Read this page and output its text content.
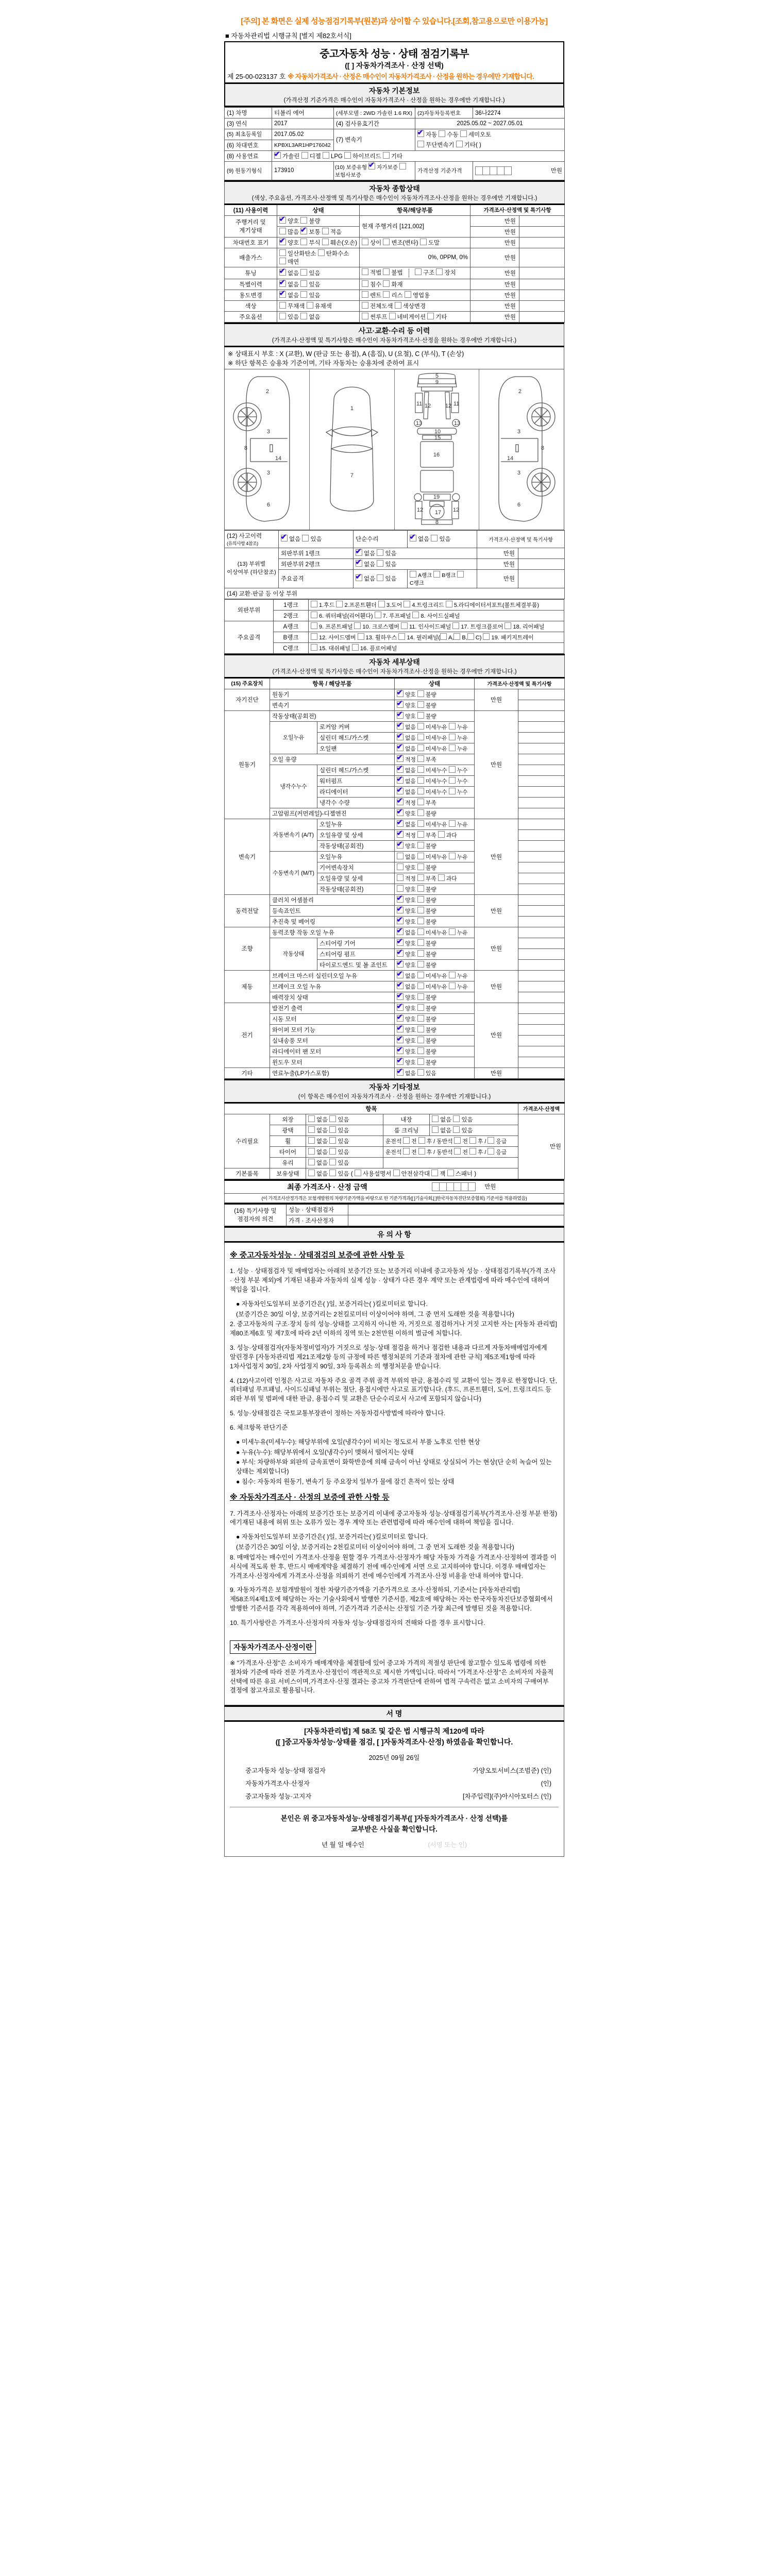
[주의] 본 화면은 실제 성능점검기록부(원본)과 상이할 수 있습니다.[조회,참고용으로만 이용가능]
■ 자동차관리법 시행규칙 [별지 제82호서식]
중고자동차 성능 · 상태 점검기록부
([ ] 자동차가격조사 · 산정 선택)

제 25-00-023137 호 ※ 자동차가격조사 · 산정은 매수인이 자동차가격조사 · 산정을 원하는 경우에만 기재합니다.
자동차 기본정보
(가격산정 기준가격은 매수인이 자동차가격조사 · 산정을 원하는 경우에만 기재합니다.)
(1) 차명	티볼리 에어	(세부모델 : 2WD 가솔린 1.6 RX)	(2)자동차등록번호	36나2274
(3) 연식	2017	(4) 검사유효기간	2025.05.02 ~ 2027.05.01	
(5) 최초등록일	2017.05.02	(7) 변속기	✔자동 수동 세미오토
(6) 차대번호	KPBXL3AR1HP176042		무단변속기 기타( )	
(8) 사용연료	✔가솔린 디젤 LPG 하이브리드 기타
(9) 원동기형식	173910	(10) 보증유형 ✔ 자가보증 보험사보증	가격산정 기준가격	만원
자동차 종합상태
(색상, 주요옵션, 가격조사·산정액 및 특기사항은 매수인이 자동차가격조사·산정을 원하는 경우에만 기재합니다.)				

(11) 사용이력	상태	항목/해당부품	가격조사·산정액 및 특기사항	
주행거리 및 계기상태	✔양호 불량	현재 주행거리 [121,002]	만원	
	많음 ✔보통 적음		만원	
차대번호 표기	✔양호 부식 훼손(오손)	상이 변조(변타) 도말	만원	
배출가스	일산화탄소 탄화수소 매연	0%, 0PPM, 0%	만원	
튜닝	✔없음 있음	적법 불법 구조 장치	만원	
특별이력	✔없음 있음	침수 화재	만원	
용도변경	✔없음 있음	렌트 리스 영업용	만원	
색상	무채색 유채색	전체도색 색상변경	만원	
주요옵션	있음 없음	썬루프 네비게이션 기타	만원	
사고·교환·수리 등 이력
(가격조사·산정액 및 특기사항은 매수인이 자동차가격조사·산정을 원하는 경우에만 기재합니다.)

※ 상태표시 부호 : X (교환), W (판금 또는 용접), A (흠집), U (요철), C (부식), T (손상)
※ 하단 항목은 승용차 기준이며, 기타 자동차는 승용차에 준하여 표시

2
8
3
14
3
6
1
7
5
9
11	11
12	12
13	13
10
15
16
19
17
12	12
8
2
8
3
14
3
6
(12) 사고이력
(유의사항 4참조)	✔없음 있음	단순수리	✔없음 있음	가격조사·산정액 및 특기사항	
(13) 부위별 이상여부 (하단참조)	외판부위 1랭크	✔없음 있음		만원	
	외판부위 2랭크	✔없음 있음		만원	
	주요골격	✔없음 있음	A랭크 B랭크 C랭크	만원	
(14) 교환·판금 등 이상 부위					
외판부위	1랭크	1.후드 2.프론트휀더 3.도어 4.트렁크리드 5.라디에이터서포트(볼트체결부품)
	2랭크	6. 쿼터패널(리어휀다) 7. 루프패널 8. 사이드실패널
주요골격	A랭크	9. 프론트패널 10. 크로스멤버 11. 인사이드패널 17. 트렁크플로어 18. 리어패널
	B랭크	12. 사이드멤버 13. 휠하우스 14. 필러패널( A, B, C) 19. 패키지트레이
	C랭크	15. 대쉬패널 16. 플로어패널
자동차 세부상태
(가격조사·산정액 및 특기사항은 매수인이 자동차가격조사·산정을 원하는 경우에만 기재합니다.)					

(15) 주요장치	항목 / 해당부품		상태	가격조사·산정액 및 특기사항	
자기진단	원동기	✔양호 불량	만원	
	변속기	✔양호 불량	
원동기	작동상태(공회전)	✔양호 불량	만원	
	오일누유	로커암 커버	✔없음 미세누유 누유	
		실린더 헤드/가스켓	✔없음 미세누유 누유	
		오일팬	✔없음 미세누유 누유	
	오일 유량	✔적정 부족	
	냉각수누수	실린더 헤드/가스켓	✔없음 미세누수 누수	
		워터펌프	✔없음 미세누수 누수	
		라디에이터	✔없음 미세누수 누수	
		냉각수 수량	✔적정 부족	
	고압펌프(커먼레일)-디젤엔진	✔양호 불량	
변속기	자동변속기 (A/T)	오일누유	✔없음 미세누유 누유	만원	
		오일유량 및 상세	✔적정 부족 과다	
		작동상태(공회전)	✔양호 불량	
	수동변속기 (M/T)	오일누유	없음 미세누유 누유		
		기어변속장치	양호 불량		
		오일유량 및 상세	적정 부족 과다		
		작동상태(공회전)	양호 불량		
동력전달	클러치 어셈블리	✔양호 불량	만원	
	등속죠인트	✔양호 불량	
	추진축 및 베어링	✔양호 불량	
조향	동력조향 작동 오일 누유	✔없음 미세누유 누유	만원	
	작동상태	스티어링 기어	✔양호 불량	
		스티어링 펌프	✔양호 불량	
		타이로드엔드 및 볼 죠인트	✔양호 불량	
제동	브레이크 마스터 실린더오일 누유	✔없음 미세누유 누유	만원	
	브레이크 오일 누유	✔없음 미세누유 누유	
	배력장치 상태	✔양호 불량	
전기	발전기 출력	✔양호 불량	만원	
	시동 모터	✔양호 불량	
	와이퍼 모터 기능	✔양호 불량	
	실내송풍 모터	✔양호 불량	
	라디에이터 팬 모터	✔양호 불량	
	윈도우 모터	✔양호 불량	
기타	연료누출(LP가스포함)	✔없음 있음	만원	
자동차 기타정보
(이 항목은 매수인이 자동차가격조사 · 산정을 원하는 경우에만 기재합니다.)					

항목					가격조사·산정액
수리필요	외장	없음 있음	내장	없음 있음	만원
	광택	없음 있음	룸 크리닝	없음 있음	
	휠	없음 있음	운전석 전 후 / 동반석 전 후 / 응급		
	타이어	없음 있음	운전석 전 후 / 동반석 전 후 / 응급		
	유리	없음 있음			
기본품목	보유상태	없음 있음 ( 사용설명서 안전삼각대 잭 스패너 )			
최종 가격조사 · 산정 금액	만원
(이 가격조사산정가격은 보험개발원의 차량기준가액을 바탕으로 한 기준가격과([ ]기술사회,[ ]한국자동차진단보증협회) 기준서를 적용하였음)
(16) 특기사항 및 점검자의 의견	성능 · 상태점검자	
	가격 · 조사산정자	
유 의 사 항

※ 중고자동차성능 · 상태점검의 보증에 관한 사항 등
1. 성능 · 상태점검자 및 매매업자는 아래의 보증기간 또는 보증거리 이내에 중고자동차 성능 · 상태점검기록부(가격 조사 · 산정 부분 제외)에 기재된 내용과 자동차의 실제 성능 · 상태가 다른 경우 계약 또는 관계법령에 따라 매수인에 대하여 책임을 집니다.
● 자동차인도일부터 보증기간은( )일, 보증거리는( )킬로미터로 합니다.
(보증기간은 30일 이상, 보증거리는 2천킬로미터 이상이어야 하며, 그 중 먼저 도래한 것을 적용합니다)
2. 중고자동차의 구조·장치 등의 성능·상태를 고지하지 아니한 자, 거짓으로 점검하거나 거짓 고지한 자는 [자동차 관리법] 제80조제6호 및 제7호에 따라 2년 이하의 징역 또는 2천만원 이하의 벌금에 처합니다.
3. 성능·상태점검자(자동차정비업자)가 거짓으로 성능·상태 점검을 하거나 점검한 내용과 다르게 자동차매매업자에게 알린경우 [자동차관리법 제21조제2항 등의 규정에 따른 행정처분의 기준과 절차에 관한 규칙] 제5조제1항에 따라 1차사업정지 30일, 2차 사업정지 90일, 3차 등록취소 의 행정처분을 받습니다.
4. (12)사고이력 인정은 사고로 자동차 주요 골격 주위 골격 부위의 판금, 용접수리 및 교환이 있는 경우로 한정합니다. 단, 쿼터패널 루프패널, 사이드실패널 부위는 절단, 용접시에만 사고로 표기합니다. (후드, 프론트휀더, 도어, 트렁크리드 등 외판 부위 및 범퍼에 대한 판금, 용접수리 및 교환은 단순수리로서 사고에 포함되지 않습니다)
5. 성능·상태점검은 국토교통부장관이 정하는 자동차검사방법에 따라야 합니다.
6. 체크항목 판단기준
● 미세누유(미세누수): 해당부위에 오일(냉각수)이 비치는 정도로서 부품 노후로 인한 현상
● 누유(누수): 해당부위에서 오일(냉각수)이 맺혀서 떨어지는 상태
● 부식: 차량하부와 외판의 금속표면이 화학반응에 의해 금속이 아닌 상태로 상실되어 가는 현상(단 순히 녹슬어 있는 상태는 제외합니다)
● 침수: 자동차의 원동기, 변속기 등 주요장치 일부가 물에 잠긴 흔적이 있는 상태
※ 자동차가격조사 · 산정의 보증에 관한 사항 등
7. 가격조사·산정자는 아래의 보증기간 또는 보증거리 이내에 중고자동차 성능·상태점검기록부(가격조사·산정 부분 한정)에기재된 내용에 허위 또는 오류가 있는 경우 계약 또는 관련법령에 따라 매수인에 대하여 책임을 집니다.
● 자동차인도일부터 보증기간은( )일, 보증거리는( )킬로미터로 합니다.
(보증기간은 30일 이상, 보증거리는 2천킬로미터 이상이어야 하며, 그 중 먼저 도래한 것을 적용합니다)
8. 매매업자는 매수인이 가격조사·산정을 원할 경우 가격조사·산정자가 해당 자동차 가격을 가격조사·산정하여 결과를 이 서식에 적도록 한 후, 반드시 매매계약을 체결하기 전에 매수인에게 서면 으로 고지하여야 합니다. 이경우 매매업자는 가격조사·산정자에게 가격조사·산정을 의뢰하기 전에 매수인에게 가격조사·산정 비용을 안내 하여야 합니다.
9. 자동차가격은 보험개발원이 정한 차량기준가액을 기준가격으로 조사·산정하되, 기준서는 [자동차관리법] 제58조의4제1호에 해당하는 자는 기술사회에서 발행한 기준서를, 제2호에 해당하는 자는 한국자동차진단보증협회에서 발행한 기준서를 각각 적용하여야 하며, 기준가격과 기준서는 산정일 기준 가장 최근에 발행된 것을 적용합니다.
10. 특기사항란은 가격조사·산정자의 자동차 성능·상태점검자의 견해와 다를 경우 표시합니다.
자동차가격조사·산정이란
※ "가격조사·산정"은 소비자가 매매계약을 체결함에 있어 중고차 가격의 적절성 판단에 참고할수 있도록 법령에 의한 절차와 기준에 따라 전문 가격조사·산정인이 객관적으로 제시한 가액입니다. 따라서 "가격조사·산정"은 소비자의 자율적 선택에 따른 유료 서비스이며,가격조사·산정 결과는 중고차 가격판단에 관하여 법적 구속력은 없고 소비자의 구매여부 결정에 참고자료로 활용됩니다.
서 명

[자동차관리법] 제 58조 및 같은 법 시행규칙 제120에 따라
([ ]중고자동차성능·상태를 점검, [ ]자동차격조사·산정) 하였음을 확인합니다.
2025년 09월 26일
중고자동차 성능·상태 점검자	가양오토서비스(조범준) (인)
자동차가격조사·산정자	(인)
중고자동차 성능·고지자	[차주입력](주)아시아모터스 (인)
본인은 위 중고자동차성능·상태점검기록부([ ]자동차가격조사 · 산정 선택)를
교부받은 사실을 확인합니다.
년 월 일 매수인	(서명 또는 인)
